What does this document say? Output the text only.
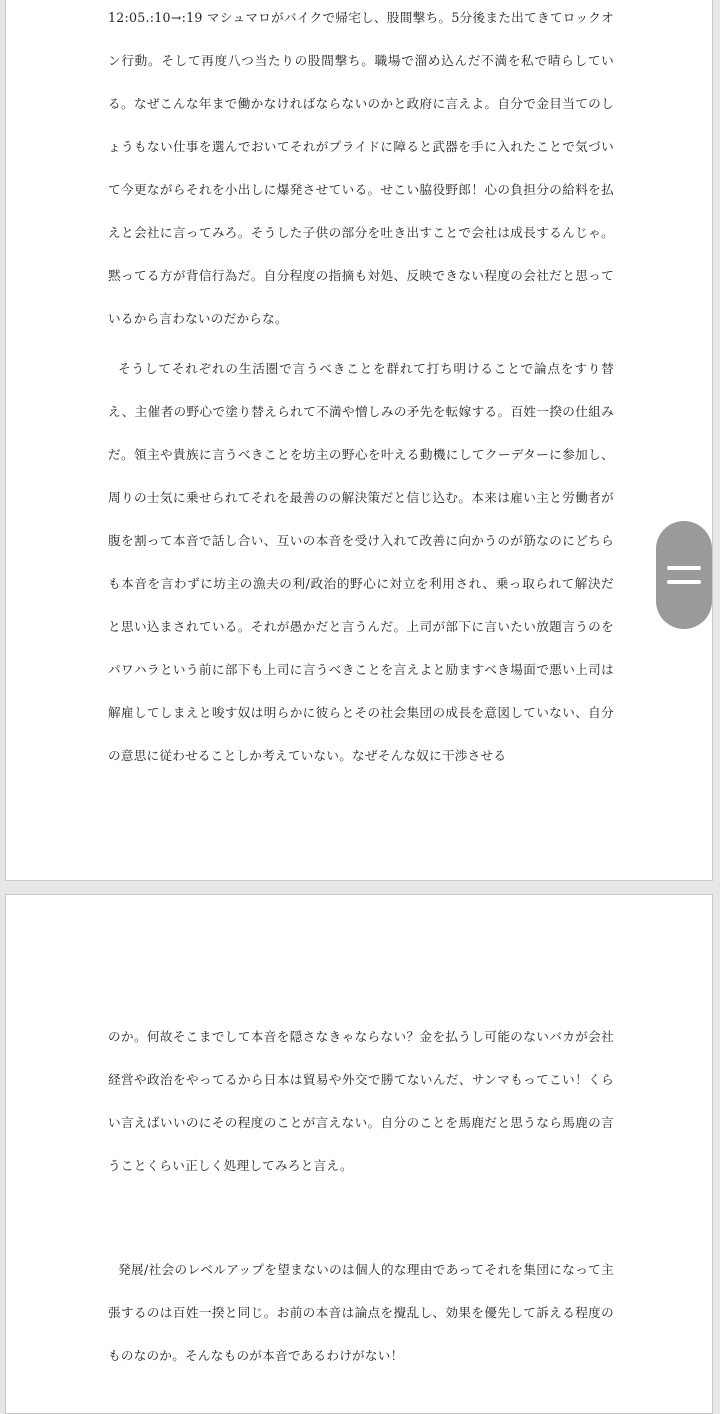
12:05.:10→:19 マシュマロがバイクで帰宅し、股間撃ち。5分後また出てきてロックオン行動。そして再度八つ当たりの股間撃ち。職場で溜め込んだ不満を私で晴らしている。なぜこんな年まで働かなければならないのかと政府に言えよ。自分で金目当てのしょうもない仕事を選んでおいてそれがプライドに障ると武器を手に入れたことで気づいて今更ながらそれを小出しに爆発させている。せこい脇役野郎！心の負担分の給料を払えと会社に言ってみろ。そうした子供の部分を吐き出すことで会社は成長するんじゃ。黙ってる方が背信行為だ。自分程度の指摘も対処、反映できない程度の会社だと思っているから言わないのだからな。

そうしてそれぞれの生活圏で言うべきことを群れて打ち明けることで論点をすり替え、主催者の野心で塗り替えられて不満や憎しみの矛先を転嫁する。百姓一揆の仕組みだ。領主や貴族に言うべきことを坊主の野心を叶える動機にしてクーデターに参加し、周りの士気に乗せられてそれを最善のの解決策だと信じ込む。本来は雇い主と労働者が腹を割って本音で話し合い、互いの本音を受け入れて改善に向かうのが筋なのにどちらも本音を言わずに坊主の漁夫の利/政治的野心に対立を利用され、乗っ取られて解決だと思い込まされている。それが愚かだと言うんだ。上司が部下に言いたい放題言うのをパワハラという前に部下も上司に言うべきことを言えよと励ますべき場面で悪い上司は解雇してしまえと唆す奴は明らかに彼らとその社会集団の成長を意図していない、自分の意思に従わせることしか考えていない。なぜそんな奴に干渉させる

のか。何故そこまでして本音を隠さなきゃならない？金を払うし可能のないバカが会社経営や政治をやってるから日本は貿易や外交で勝てないんだ、サンマもってこい！くらい言えばいいのにその程度のことが言えない。自分のことを馬鹿だと思うなら馬鹿の言うことくらい正しく処理してみろと言え。

発展/社会のレベルアップを望まないのは個人的な理由であってそれを集団になって主張するのは百姓一揆と同じ。お前の本音は論点を攪乱し、効果を優先して訴える程度のものなのか。そんなものが本音であるわけがない！
